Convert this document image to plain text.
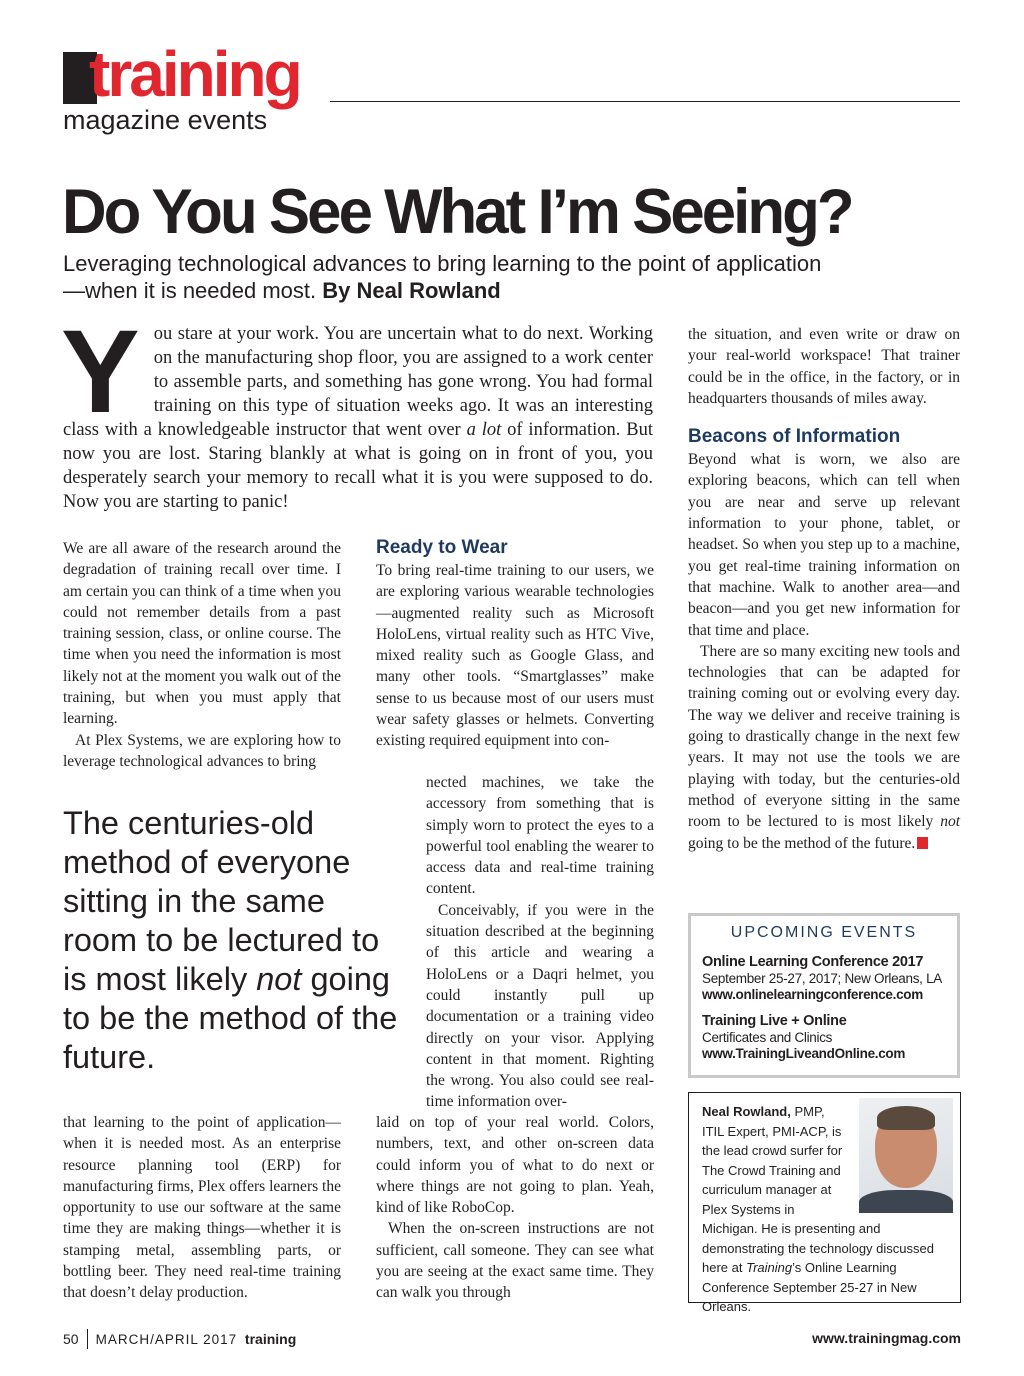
training
magazine events
Do You See What I’m Seeing?
Leveraging technological advances to bring learning to the point of application—when it is needed most. By Neal Rowland
You stare at your work. You are uncertain what to do next. Working on the manufacturing shop floor, you are assigned to a work center to assemble parts, and something has gone wrong. You had formal training on this type of situation weeks ago. It was an interesting class with a knowledgeable instructor that went over a lot of information. But now you are lost. Staring blankly at what is going on in front of you, you desperately search your memory to recall what it is you were supposed to do. Now you are starting to panic!

We are all aware of the research around the degradation of training recall over time. I am certain you can think of a time when you could not remember details from a past training session, class, or online course. The time when you need the information is most likely not at the moment you walk out of the training, but when you must apply that learning.

At Plex Systems, we are exploring how to leverage technological advances to bring

The centuries-old method of everyone sitting in the same room to be lectured to is most likely not going to be the method of the future.

that learning to the point of application—when it is needed most. As an enterprise resource planning tool (ERP) for manufacturing firms, Plex offers learners the opportunity to use our software at the same time they are making things—whether it is stamping metal, assembling parts, or bottling beer. They need real-time training that doesn’t delay production.

Ready to Wear

To bring real-time training to our users, we are exploring various wearable technologies—augmented reality such as Microsoft HoloLens, virtual reality such as HTC Vive, mixed reality such as Google Glass, and many other tools. “Smartglasses” make sense to us because most of our users must wear safety glasses or helmets. Converting existing required equipment into con-

nected machines, we take the accessory from something that is simply worn to protect the eyes to a powerful tool enabling the wearer to access data and real-time training content.

Conceivably, if you were in the situation described at the beginning of this article and wearing a HoloLens or a Daqri helmet, you could instantly pull up documentation or a training video directly on your visor. Applying content in that moment. Righting the wrong. You also could see real-time information over-

laid on top of your real world. Colors, numbers, text, and other on-screen data could inform you of what to do next or where things are not going to plan. Yeah, kind of like RoboCop.

When the on-screen instructions are not sufficient, call someone. They can see what you are seeing at the exact same time. They can walk you through

the situation, and even write or draw on your real-world workspace! That trainer could be in the office, in the factory, or in headquarters thousands of miles away.

Beacons of Information

Beyond what is worn, we also are exploring beacons, which can tell when you are near and serve up relevant information to your phone, tablet, or headset. So when you step up to a machine, you get real-time training information on that machine. Walk to another area—and beacon—and you get new information for that time and place.

There are so many exciting new tools and technologies that can be adapted for training coming out or evolving every day. The way we deliver and receive training is going to drastically change in the next few years. It may not use the tools we are playing with today, but the centuries-old method of everyone sitting in the same room to be lectured to is most likely not going to be the method of the future.

UPCOMING EVENTS
Online Learning Conference 2017
September 25-27, 2017; New Orleans, LA
www.onlinelearningconference.com
Training Live + Online
Certificates and Clinics
www.TrainingLiveandOnline.com
Neal Rowland, PMP, ITIL Expert, PMI-ACP, is the lead crowd surfer for The Crowd Training and curriculum manager at Plex Systems in Michigan. He is presenting and demonstrating the technology discussed here at Training’s Online Learning Conference September 25-27 in New Orleans.
50 MARCH/APRIL 2017 training	www.trainingmag.com
